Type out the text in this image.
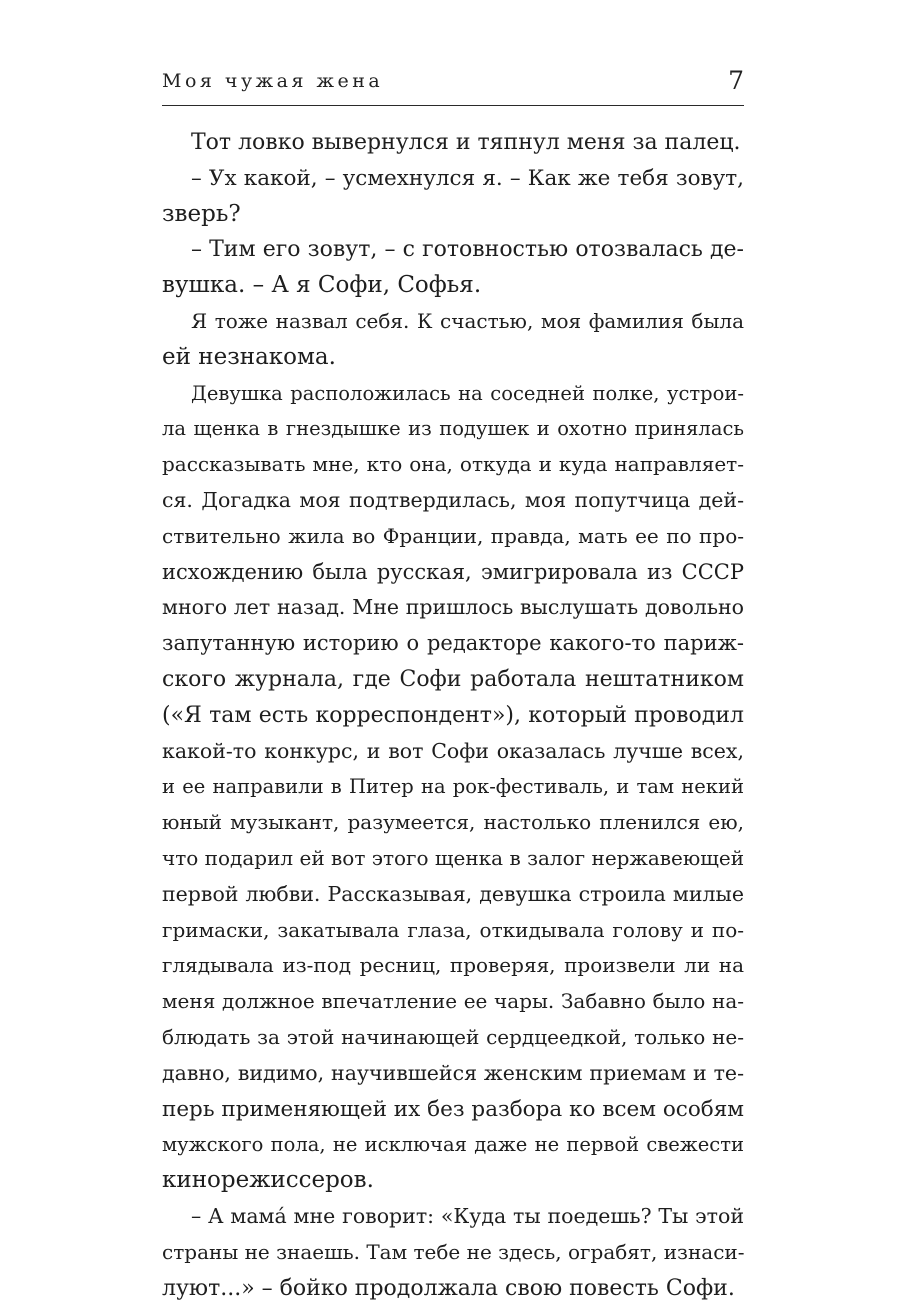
Моя чужая жена	7
Тот ловко вывернулся и тяпнул меня за палец.
– Ух какой, – усмехнулся я. – Как же тебя зовут,
зверь?
– Тим его зовут, – с готовностью отозвалась де-
вушка. – А я Софи, Софья.
Я тоже назвал себя. К счастью, моя фамилия была
ей незнакома.
Девушка расположилась на соседней полке, устрои-
ла щенка в гнездышке из подушек и охотно принялась
рассказывать мне, кто она, откуда и куда направляет-
ся. Догадка моя подтвердилась, моя попутчица дей-
ствительно жила во Франции, правда, мать ее по про-
исхождению была русская, эмигрировала из СССР
много лет назад. Мне пришлось выслушать довольно
запутанную историю о редакторе какого-то париж-
ского журнала, где Софи работала нештатником
(«Я там есть корреспондент»), который проводил
какой-то конкурс, и вот Софи оказалась лучше всех,
и ее направили в Питер на рок-фестиваль, и там некий
юный музыкант, разумеется, настолько пленился ею,
что подарил ей вот этого щенка в залог нержавеющей
первой любви. Рассказывая, девушка строила милые
гримаски, закатывала глаза, откидывала голову и по-
глядывала из-под ресниц, проверяя, произвели ли на
меня должное впечатление ее чары. Забавно было на-
блюдать за этой начинающей сердцеедкой, только не-
давно, видимо, научившейся женским приемам и те-
перь применяющей их без разбора ко всем особям
мужского пола, не исключая даже не первой свежести
кинорежиссеров.
– А мама́ мне говорит: «Куда ты поедешь? Ты этой
страны не знаешь. Там тебе не здесь, ограбят, изнаси-
луют...» – бойко продолжала свою повесть Софи.
